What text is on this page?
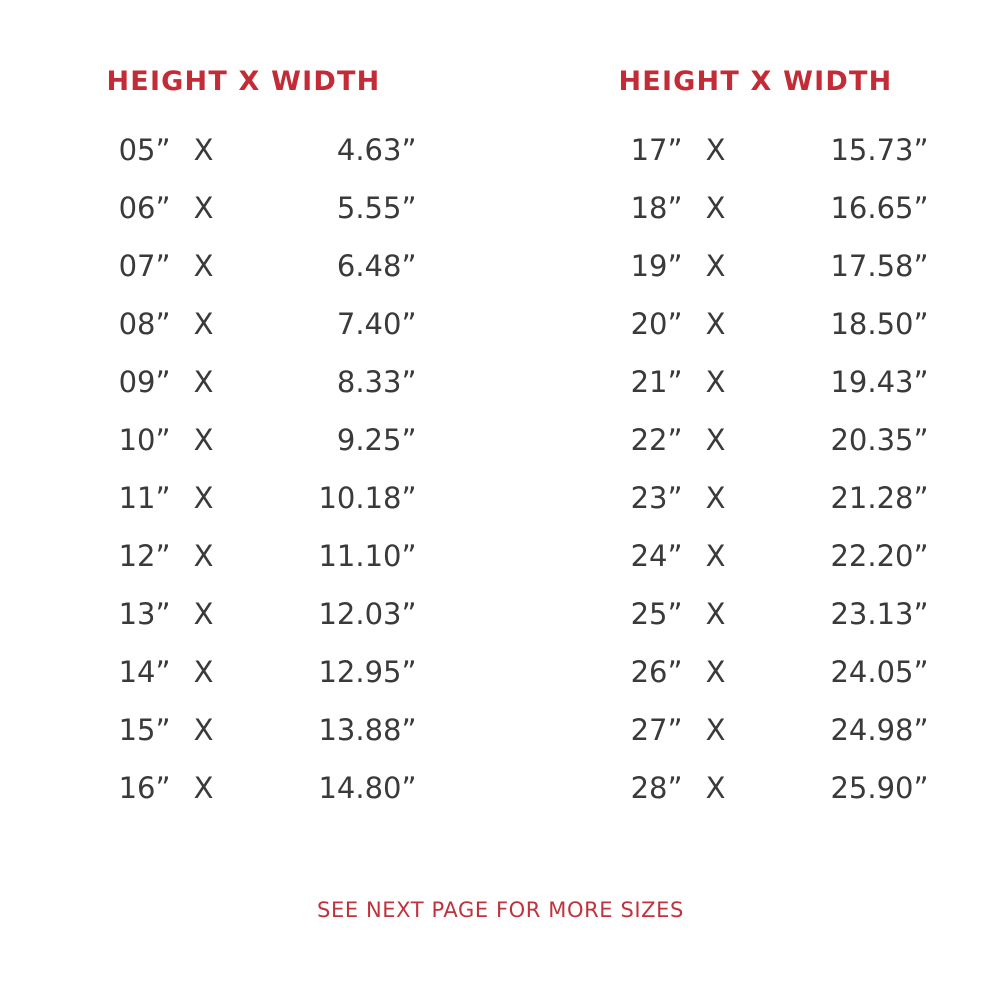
HEIGHT X WIDTH
05” X	4.63”
06” X	5.55”
07” X	6.48”
08” X	7.40”
09” X	8.33”
10” X	9.25”
11” X	10.18”
12” X	11.10”
13” X	12.03”
14” X	12.95”
15” X	13.88”
16” X	14.80”
HEIGHT X WIDTH
17” X	15.73”
18” X	16.65”
19” X	17.58”
20” X	18.50”
21” X	19.43”
22” X	20.35”
23” X	21.28”
24” X	22.20”
25” X	23.13”
26” X	24.05”
27” X	24.98”
28” X	25.90”
SEE NEXT PAGE FOR MORE SIZES
